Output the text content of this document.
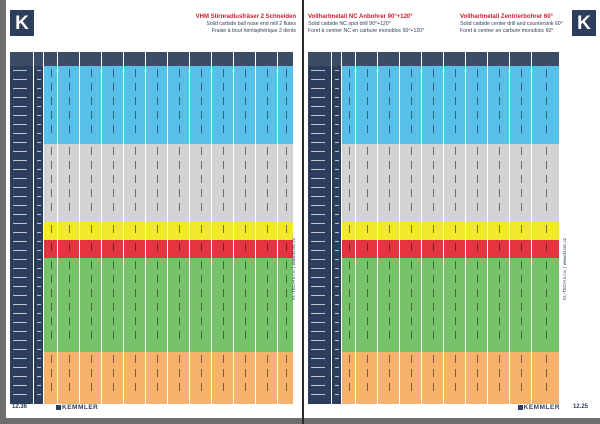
K	VHM Stirnradiusfräser 2 Schneiden
Solid carbide ball nose end mill 2 flutes
Fraise à bout hémisphérique 2 dents
KL-TECH s.r.o. | www.kl.tec.cz
12.36	KEMMLER
K
Vollhartmetall NC Anbohrer 90°+120°
Solid carbide NC spot drill 90°+120°
Foret à centrer NC en carbure monobloc 90°+120°
Vollhartmetall Zentrierbohrer 60°
Solid carbide center drill and countersink 60°
Foret à centrer en carbure monobloc 60°
KL-TECH s.r.o. | www.kl.tec.cz
KEMMLER 12.25
